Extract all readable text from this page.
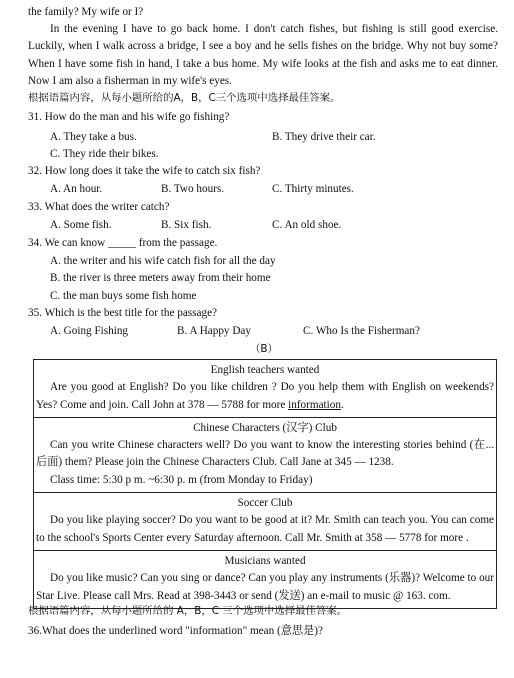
the family? My wife or I?
In the evening I have to go back home. I don't catch fishes, but fishing is still good exercise. Luckily, when I walk across a bridge, I see a boy and he sells fishes on the bridge. Why not buy some? When I have some fish in hand, I take a bus home. My wife looks at the fish and asks me to eat dinner. Now I am also a fisherman in my wife's eyes.
根据语篇内容，从每小题所给的A，B，C三个选项中选择最佳答案。
31. How do the man and his wife go fishing?
A. They take a bus.	B. They drive their car.
C. They ride their bikes.
32. How long does it take the wife to catch six fish?
A. An hour.	B. Two hours.	C. Thirty minutes.
33. What does the writer catch?
A. Some fish.	B. Six fish.	C. An old shoe.
34. We can know _____ from the passage.
A. the writer and his wife catch fish for all the day
B. the river is three meters away from their home
C. the man buys some fish home
35. Which is the best title for the passage?
A. Going Fishing	B. A Happy Day	C. Who Is the Fisherman?
（B）
English teachers wanted
Are you good at English? Do you like children ? Do you help them with English on weekends? Yes? Come and join. Call John at 378 — 5788 for more information.

Chinese Characters (汉字) Club
Can you write Chinese characters well? Do you want to know the interesting stories behind (在...后面) them? Please join the Chinese Characters Club. Call Jane at 345 — 1238.
Class time: 5:30 p m. ~6:30 p. m (from Monday to Friday)

Soccer Club
Do you like playing soccer? Do you want to be good at it? Mr. Smith can teach you. You can come to the school's Sports Center every Saturday afternoon. Call Mr. Smith at 358 — 5778 for more .

Musicians wanted
Do you like music? Can you sing or dance? Can you play any instruments (乐器)? Welcome to our Star Live. Please call Mrs. Read at 398-3443 or send (发送) an e-mail to music @ 163. com.
根据语篇内容，从每小题所给的 A，B，C 三个选项中选择最佳答案。
36.What does the underlined word "information" mean (意思是)?
